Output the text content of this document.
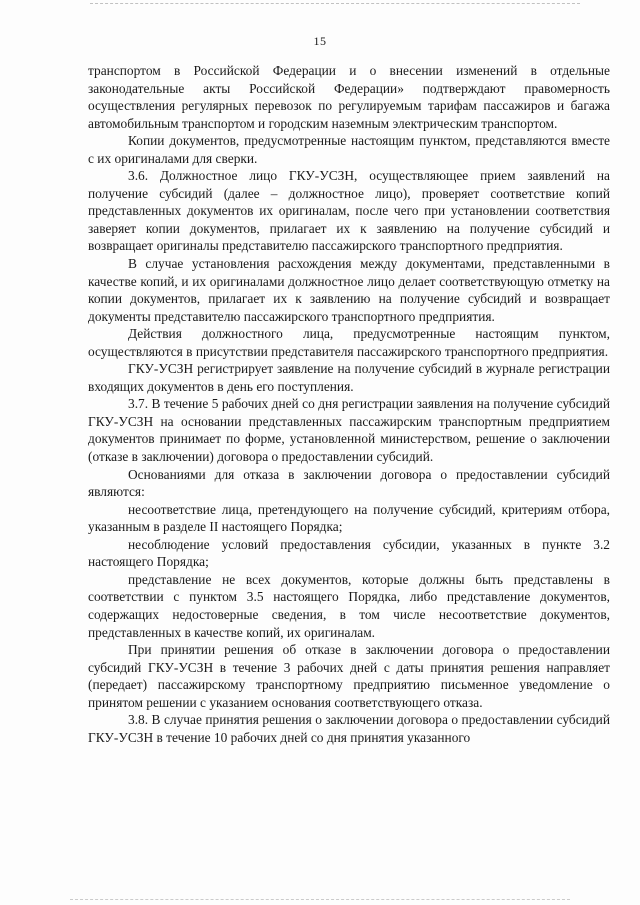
15

транспортом в Российской Федерации и о внесении изменений в отдельные законодательные акты Российской Федерации» подтверждают правомерность осуществления регулярных перевозок по регулируемым тарифам пассажиров и багажа автомобильным транспортом и городским наземным электрическим транспортом.

Копии документов, предусмотренные настоящим пунктом, представляются вместе с их оригиналами для сверки.

3.6. Должностное лицо ГКУ-УСЗН, осуществляющее прием заявлений на получение субсидий (далее – должностное лицо), проверяет соответствие копий представленных документов их оригиналам, после чего при установлении соответствия заверяет копии документов, прилагает их к заявлению на получение субсидий и возвращает оригиналы представителю пассажирского транспортного предприятия.

В случае установления расхождения между документами, представленными в качестве копий, и их оригиналами должностное лицо делает соответствующую отметку на копии документов, прилагает их к заявлению на получение субсидий и возвращает документы представителю пассажирского транспортного предприятия.

Действия должностного лица, предусмотренные настоящим пунктом, осуществляются в присутствии представителя пассажирского транспортного предприятия.

ГКУ-УСЗН регистрирует заявление на получение субсидий в журнале регистрации входящих документов в день его поступления.

3.7. В течение 5 рабочих дней со дня регистрации заявления на получение субсидий ГКУ-УСЗН на основании представленных пассажирским транспортным предприятием документов принимает по форме, установленной министерством, решение о заключении (отказе в заключении) договора о предоставлении субсидий.

Основаниями для отказа в заключении договора о предоставлении субсидий являются:

несоответствие лица, претендующего на получение субсидий, критериям отбора, указанным в разделе II настоящего Порядка;

несоблюдение условий предоставления субсидии, указанных в пункте 3.2 настоящего Порядка;

представление не всех документов, которые должны быть представлены в соответствии с пунктом 3.5 настоящего Порядка, либо представление документов, содержащих недостоверные сведения, в том числе несоответствие документов, представленных в качестве копий, их оригиналам.

При принятии решения об отказе в заключении договора о предоставлении субсидий ГКУ-УСЗН в течение 3 рабочих дней с даты принятия решения направляет (передает) пассажирскому транспортному предприятию письменное уведомление о принятом решении с указанием основания соответствующего отказа.

3.8. В случае принятия решения о заключении договора о предоставлении субсидий ГКУ-УСЗН в течение 10 рабочих дней со дня принятия указанного
